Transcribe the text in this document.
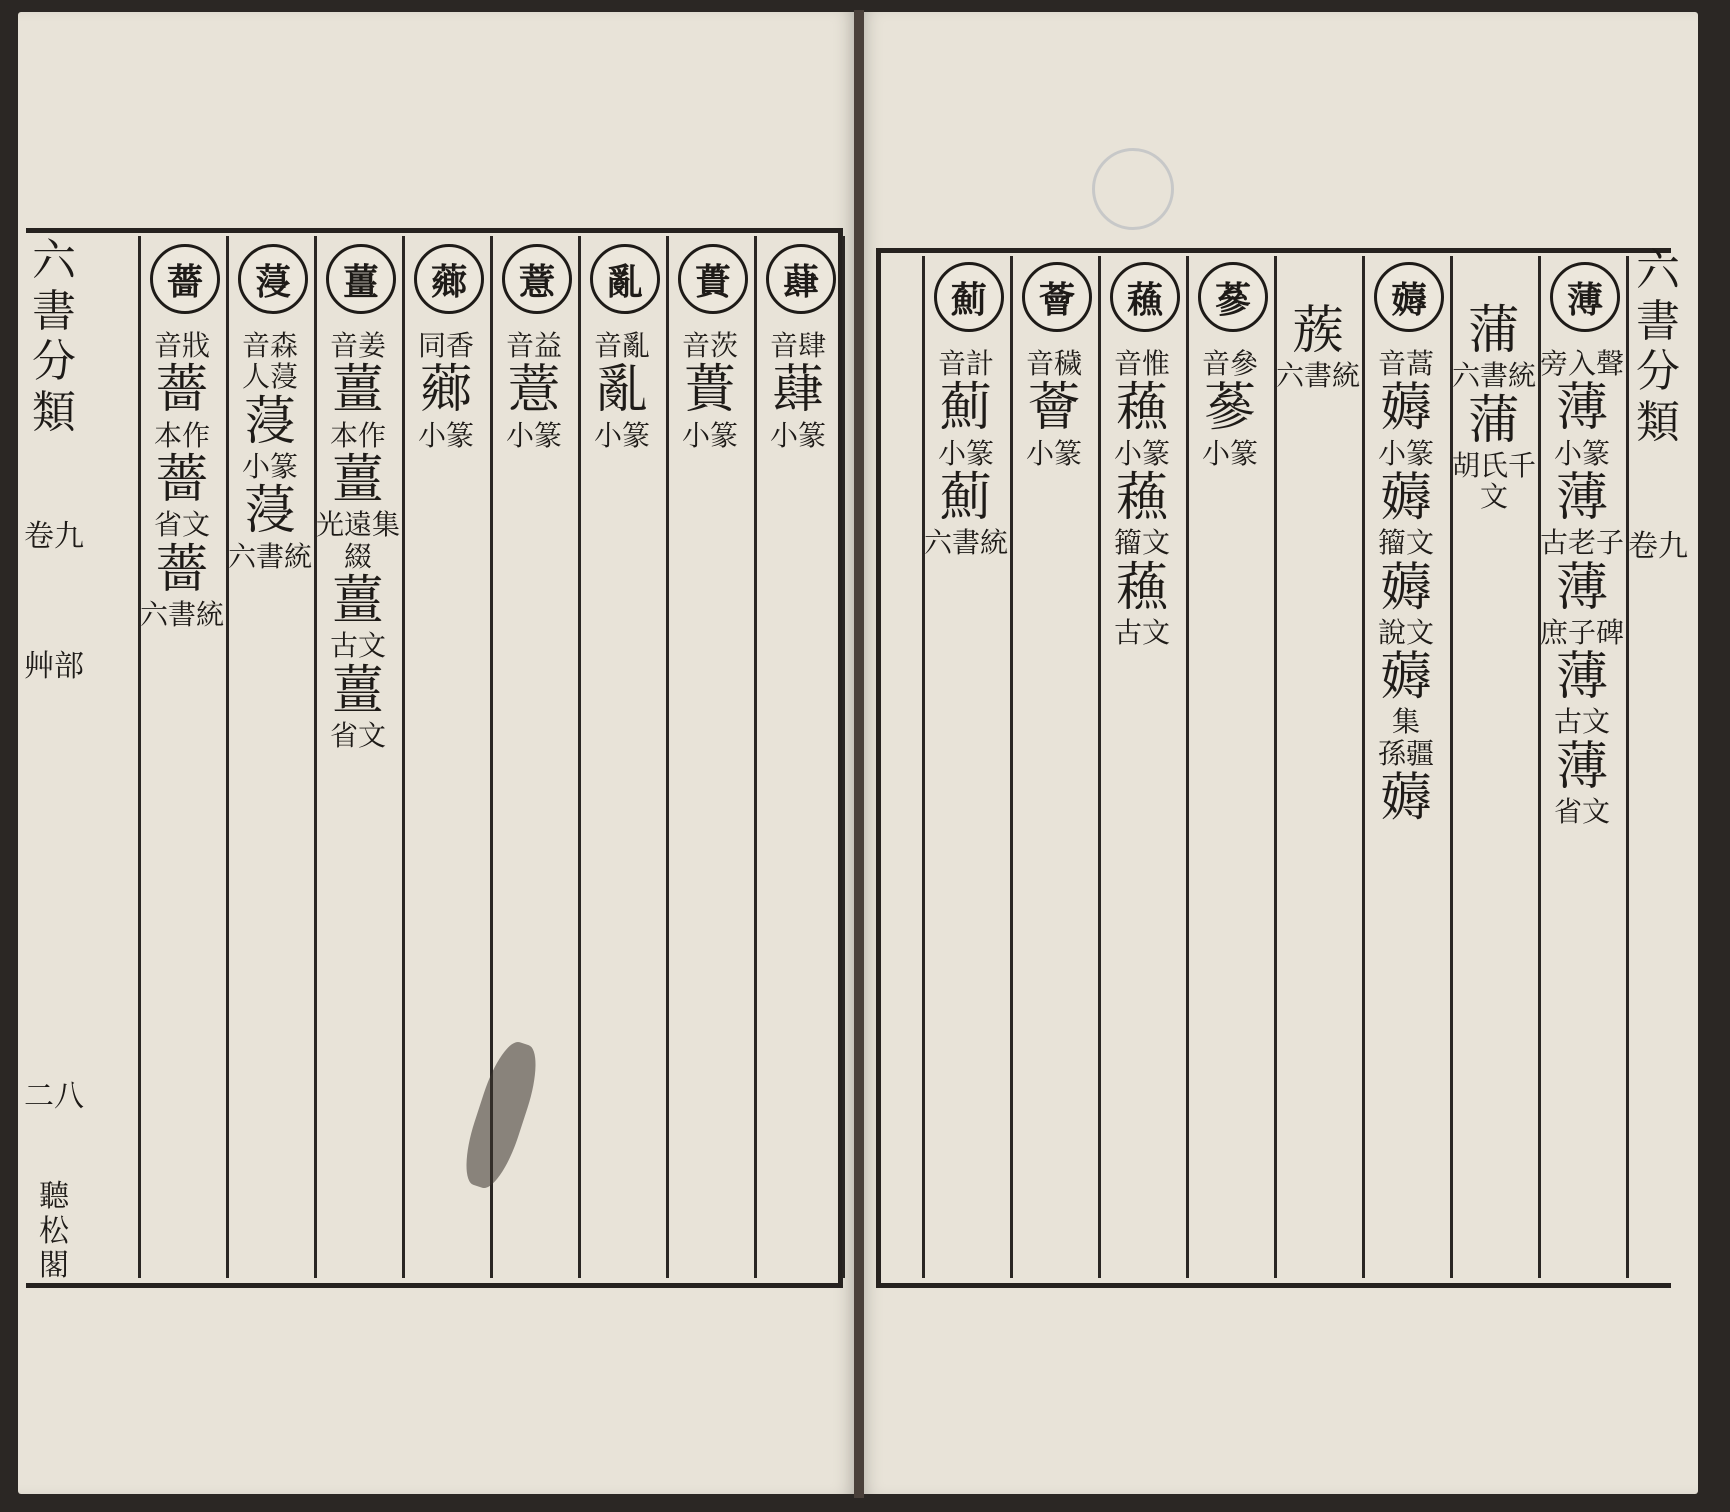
六
書
分
類
卷九
艸部
二八
聽
松
閣
六
書
分
類
卷九
蕼
音肆
蕼
小篆
蕢
音茨
蕢
小篆
亂
音亂
亂
小篆
薏
音益
薏
小篆
薌
同香
薌
小篆
薑
音姜
薑
本作
薑
光遠集綴
薑
古文
薑
省文
蓡
音森
人蓡
蓡
小篆
蓡
六書統
薔
音戕
薔
本作
薔
省文
薔
六書統
薄
旁入聲
薄
小篆
薄
古老子
薄
庶子碑
薄
古文
薄
省文
蒲
六書統
蒲
胡氏千文
薅
音蒿
薅
小篆
薅
籀文
薅
說文
薅
集
孫疆
薅
蔟
六書統
蔘
音參
蔘
小篆
蘓
音惟
蘓
小篆
蘓
籀文
蘓
古文
薈
音穢
薈
小篆
薊
音計
薊
小篆
薊
六書統
